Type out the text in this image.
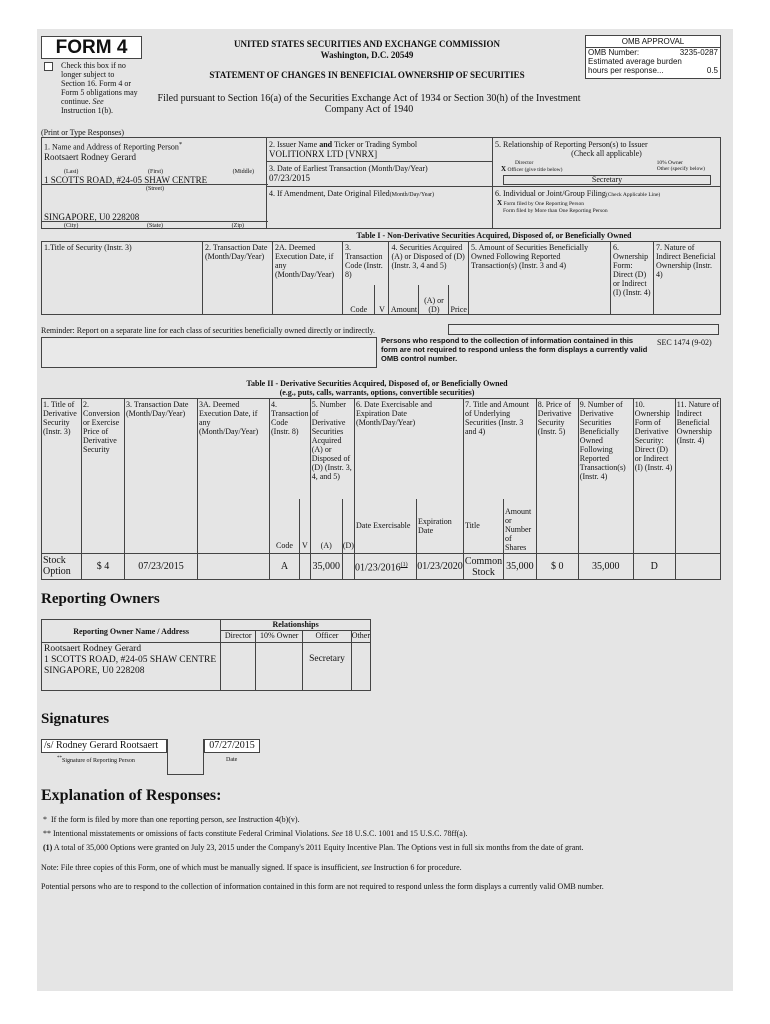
FORM 4
Check this box if no longer subject to Section 16. Form 4 or Form 5 obligations may continue. See Instruction 1(b).
UNITED STATES SECURITIES AND EXCHANGE COMMISSION
Washington, D.C. 20549
STATEMENT OF CHANGES IN BENEFICIAL OWNERSHIP OF SECURITIES
Filed pursuant to Section 16(a) of the Securities Exchange Act of 1934 or Section 30(h) of the Investment Company Act of 1940
OMB APPROVAL
OMB Number:	3235-0287
Estimated average burden
hours per response...	0.5
(Print or Type Responses)
1. Name and Address of Reporting Person*
Rootsaert Rodney Gerard
(Last)	(First)	(Middle)
1 SCOTTS ROAD, #24-05 SHAW CENTRE
(Street)
SINGAPORE, U0 228208
(City)	(State)	(Zip)
2. Issuer Name and Ticker or Trading Symbol
VOLITIONRX LTD [VNRX]
3. Date of Earliest Transaction (Month/Day/Year)
07/23/2015
4. If Amendment, Date Original Filed(Month/Day/Year)
5. Relationship of Reporting Person(s) to Issuer
(Check all applicable)
Director	10% Owner
X Officer (give title below)	Other (specify below)
Secretary
6. Individual or Joint/Group Filing(Check Applicable Line)
X Form filed by One Reporting Person
Form filed by More than One Reporting Person
Table I - Non-Derivative Securities Acquired, Disposed of, or Beneficially Owned
1.Title of Security (Instr. 3)	2. Transaction Date (Month/Day/Year)	2A. Deemed Execution Date, if any (Month/Day/Year)	3. Transaction Code (Instr. 8)		4. Securities Acquired (A) or Disposed of (D) (Instr. 3, 4 and 5)			5. Amount of Securities Beneficially Owned Following Reported Transaction(s) (Instr. 3 and 4)	6. Ownership Form: Direct (D) or Indirect (I) (Instr. 4)	7. Nature of Indirect Beneficial Ownership (Instr. 4)
			Code	V	Amount	(A) or (D)	Price			
Reminder: Report on a separate line for each class of securities beneficially owned directly or indirectly.
Persons who respond to the collection of information contained in this form are not required to respond unless the form displays a currently valid OMB control number.
SEC 1474 (9-02)
Table II - Derivative Securities Acquired, Disposed of, or Beneficially Owned
(e.g., puts, calls, warrants, options, convertible securities)
1. Title of Derivative Security (Instr. 3)	2. Conversion or Exercise Price of Derivative Security	3. Transaction Date (Month/Day/Year)	3A. Deemed Execution Date, if any (Month/Day/Year)	4. Transaction Code (Instr. 8)		5. Number of Derivative Securities Acquired (A) or Disposed of (D) (Instr. 3, 4, and 5)		6. Date Exercisable and Expiration Date (Month/Day/Year)		7. Title and Amount of Underlying Securities (Instr. 3 and 4)		8. Price of Derivative Security (Instr. 5)	9. Number of Derivative Securities Beneficially Owned Following Reported Transaction(s) (Instr. 4)	10. Ownership Form of Derivative Security: Direct (D) or Indirect (I) (Instr. 4)	11. Nature of Indirect Beneficial Ownership (Instr. 4)
				Code	V	(A)	(D)	Date Exercisable	Expiration Date	Title	Amount or Number of Shares				
Stock Option	$ 4	07/23/2015		A		35,000		01/23/2016$^{(1)}$	01/23/2020	Common Stock	35,000	$ 0	35,000	D	
Reporting Owners
Reporting Owner Name / Address	Relationships			
	Director	10% Owner	Officer	Other

Rootsaert Rodney Gerard
1 SCOTTS ROAD, #24-05 SHAW CENTRE
SINGAPORE, U0 228208			Secretary	
Signatures
/s/ Rodney Gerard Rootsaert	07/27/2015
**Signature of Reporting Person	Date
Explanation of Responses:
* If the form is filed by more than one reporting person, see Instruction 4(b)(v).
** Intentional misstatements or omissions of facts constitute Federal Criminal Violations. See 18 U.S.C. 1001 and 15 U.S.C. 78ff(a).
(1) A total of 35,000 Options were granted on July 23, 2015 under the Company's 2011 Equity Incentive Plan. The Options vest in full six months from the date of grant.
Note: File three copies of this Form, one of which must be manually signed. If space is insufficient, see Instruction 6 for procedure.
Potential persons who are to respond to the collection of information contained in this form are not required to respond unless the form displays a currently valid OMB number.
